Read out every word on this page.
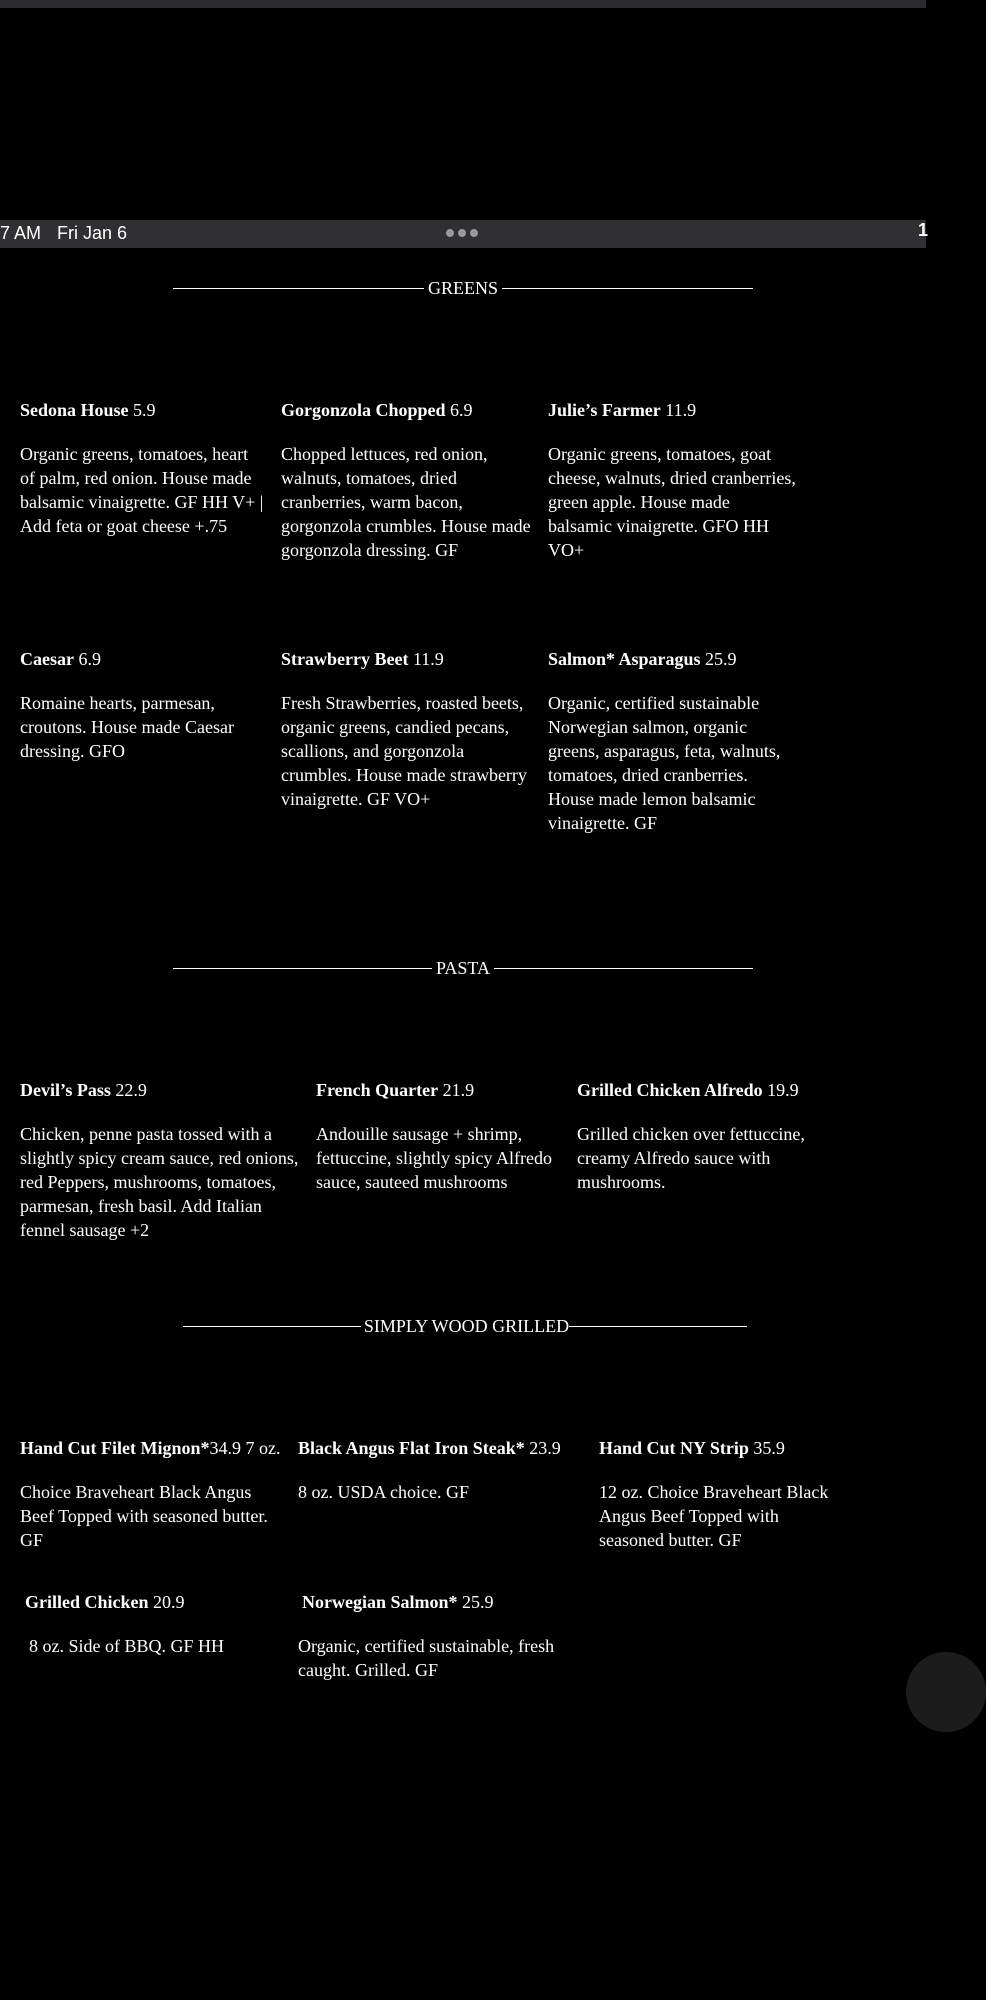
7 AM Fri Jan 6	1
GREENS
Sedona House 5.9
Organic greens, tomatoes, heart
of palm, red onion. House made
balsamic vinaigrette. GF HH V+ |
Add feta or goat cheese +.75
Gorgonzola Chopped 6.9
Chopped lettuces, red onion,
walnuts, tomatoes, dried
cranberries, warm bacon,
gorgonzola crumbles. House made
gorgonzola dressing. GF
Julie’s Farmer 11.9
Organic greens, tomatoes, goat
cheese, walnuts, dried cranberries,
green apple. House made
balsamic vinaigrette. GFO HH
VO+
Caesar 6.9
Romaine hearts, parmesan,
croutons. House made Caesar
dressing. GFO
Strawberry Beet 11.9
Fresh Strawberries, roasted beets,
organic greens, candied pecans,
scallions, and gorgonzola
crumbles. House made strawberry
vinaigrette. GF VO+
Salmon* Asparagus 25.9
Organic, certified sustainable
Norwegian salmon, organic
greens, asparagus, feta, walnuts,
tomatoes, dried cranberries.
House made lemon balsamic
vinaigrette. GF
PASTA
Devil’s Pass 22.9
Chicken, penne pasta tossed with a
slightly spicy cream sauce, red onions,
red Peppers, mushrooms, tomatoes,
parmesan, fresh basil. Add Italian
fennel sausage +2
French Quarter 21.9
Andouille sausage + shrimp,
fettuccine, slightly spicy Alfredo
sauce, sauteed mushrooms
Grilled Chicken Alfredo 19.9
Grilled chicken over fettuccine,
creamy Alfredo sauce with
mushrooms.
SIMPLY WOOD GRILLED
Hand Cut Filet Mignon*34.9 7 oz.
Choice Braveheart Black Angus
Beef Topped with seasoned butter.
GF
Black Angus Flat Iron Steak* 23.9
8 oz. USDA choice. GF
Hand Cut NY Strip 35.9
12 oz. Choice Braveheart Black
Angus Beef Topped with
seasoned butter. GF
Grilled Chicken 20.9
8 oz. Side of BBQ. GF HH
Norwegian Salmon* 25.9
Organic, certified sustainable, fresh
caught. Grilled. GF
